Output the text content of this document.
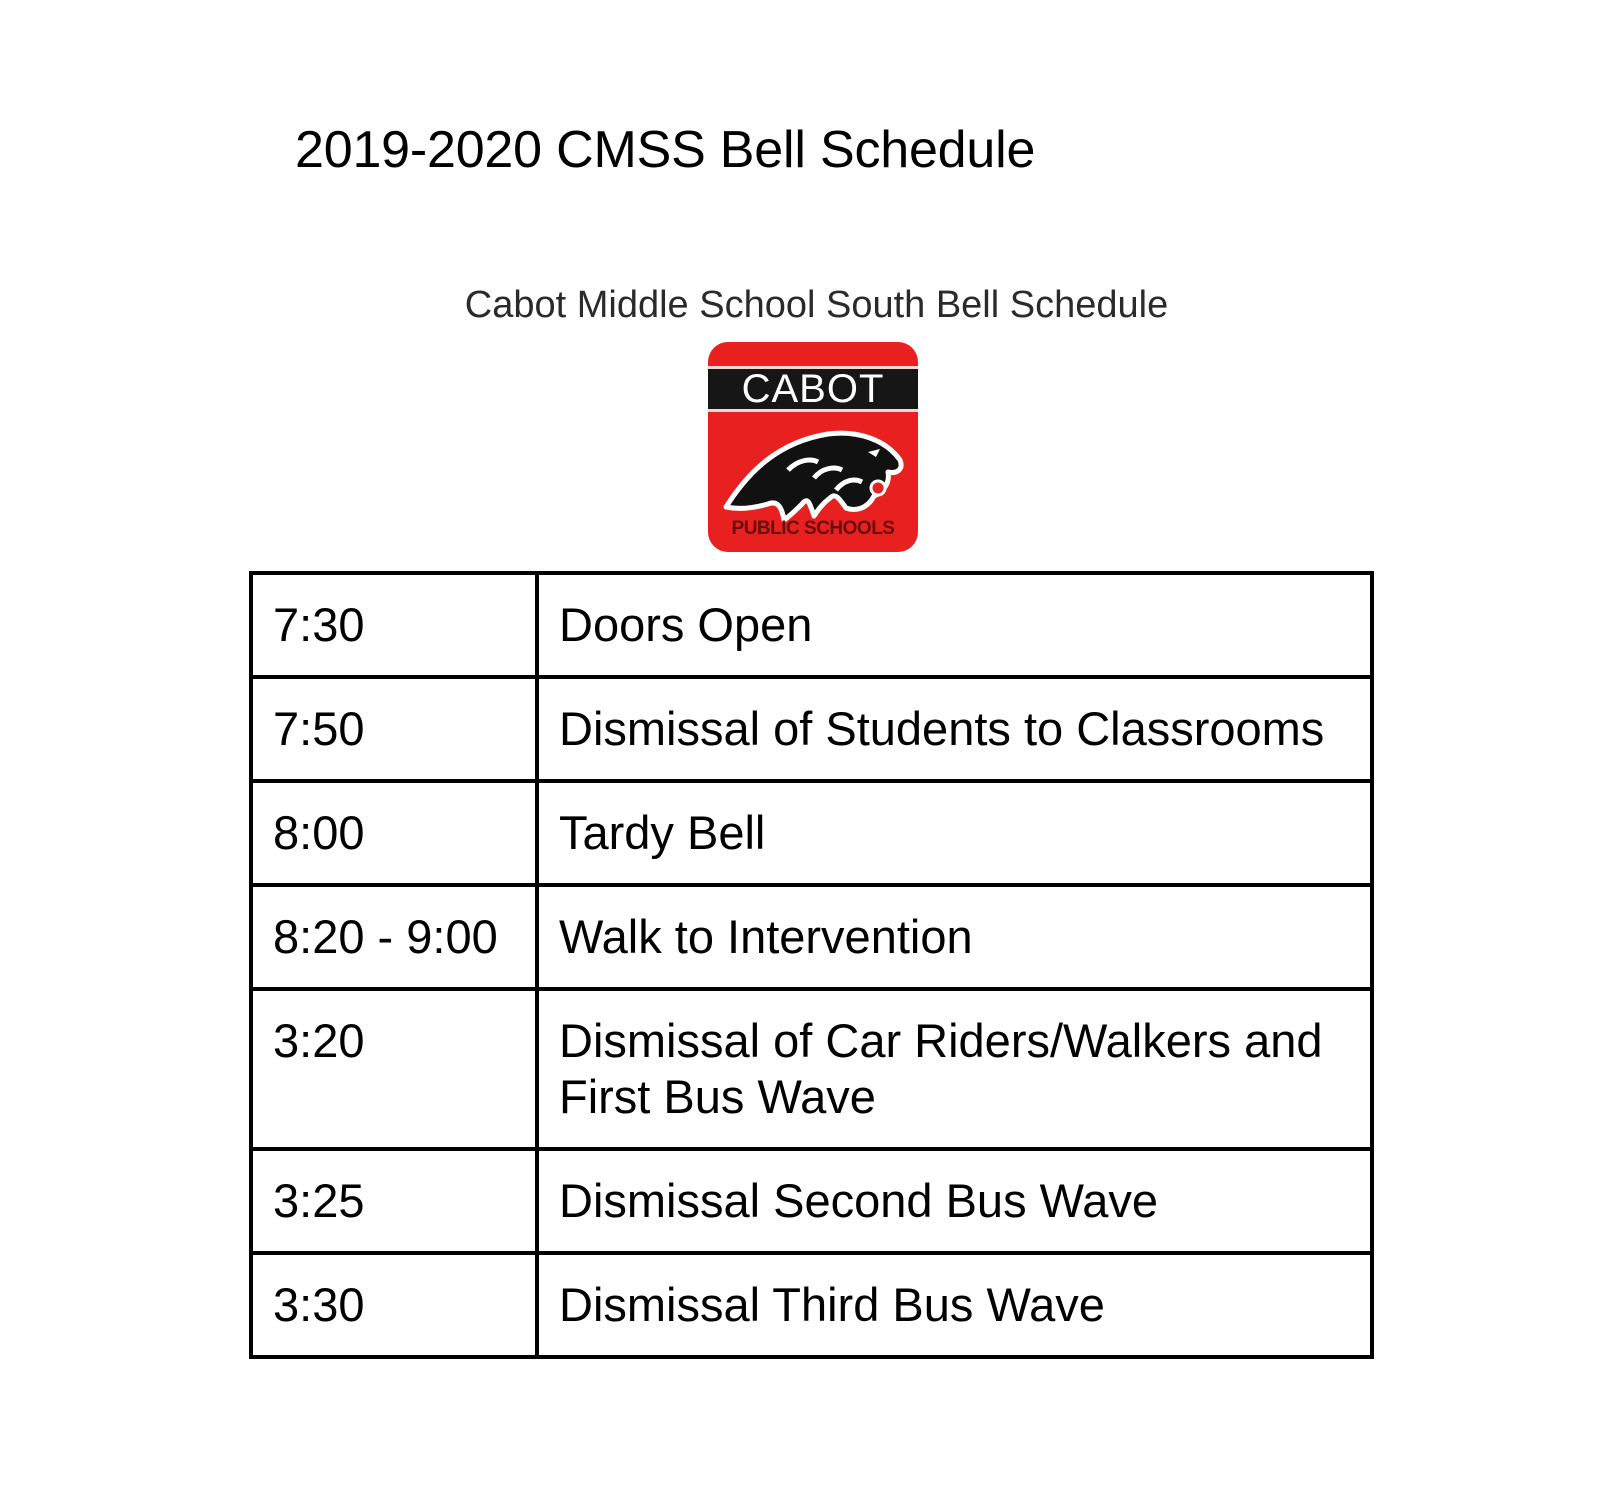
2019-2020 CMSS Bell Schedule
Cabot Middle School South Bell Schedule
CABOT
PUBLIC SCHOOLS
7:30	Doors Open
7:50	Dismissal of Students to Classrooms
8:00	Tardy Bell
8:20 - 9:00	Walk to Intervention
3:20	Dismissal of Car Riders/Walkers and First Bus Wave
3:25	Dismissal Second Bus Wave
3:30	Dismissal Third Bus Wave
